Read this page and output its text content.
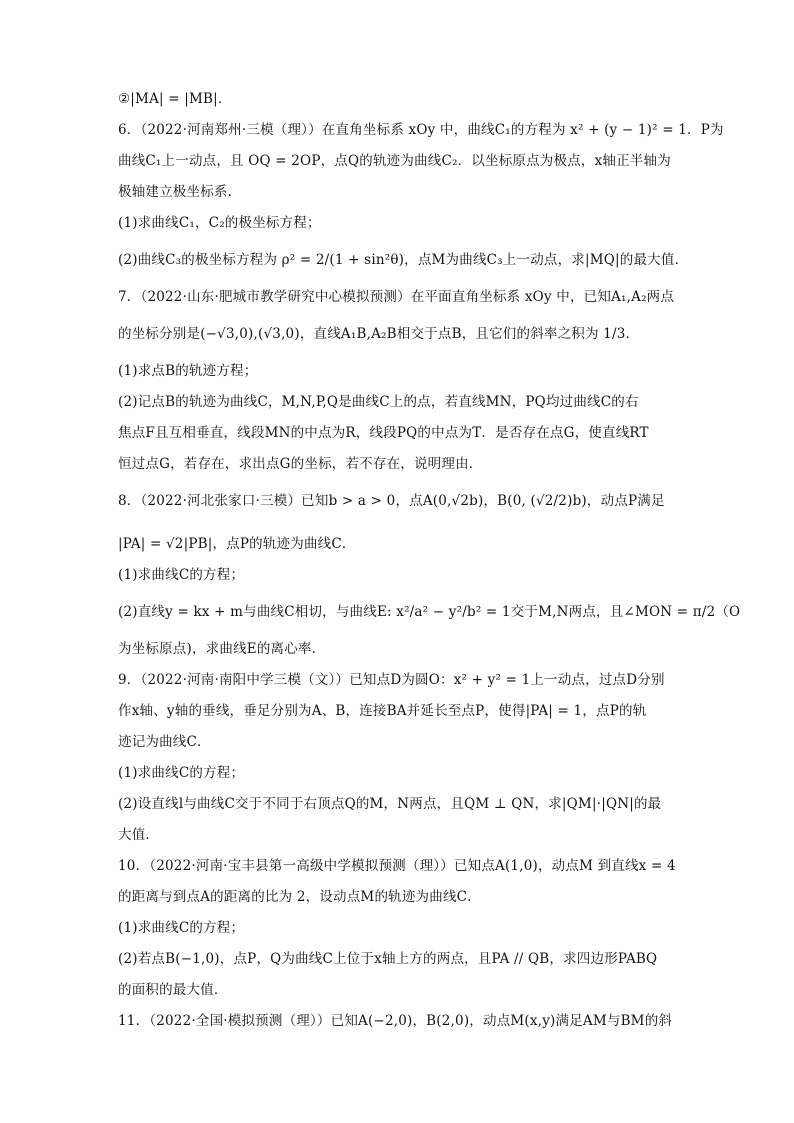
②|MA| = |MB|．
6．（2022·河南郑州·三模（理））在直角坐标系 xOy 中，曲线C₁的方程为 x² + (y − 1)² = 1．P为
曲线C₁上一动点，且 OQ = 2OP，点Q的轨迹为曲线C₂．以坐标原点为极点，x轴正半轴为
极轴建立极坐标系．
(1)求曲线C₁，C₂的极坐标方程；
(2)曲线C₃的极坐标方程为 ρ² = 2/(1 + sin²θ)，点M为曲线C₃上一动点，求|MQ|的最大值．
7．（2022·山东·肥城市教学研究中心模拟预测）在平面直角坐标系 xOy 中，已知A₁,A₂两点
的坐标分别是(−√3,0),(√3,0)，直线A₁B,A₂B相交于点B，且它们的斜率之积为 1/3．
(1)求点B的轨迹方程；
(2)记点B的轨迹为曲线C，M,N,P,Q是曲线C上的点，若直线MN，PQ均过曲线C的右
焦点F且互相垂直，线段MN的中点为R，线段PQ的中点为T．是否存在点G，使直线RT
恒过点G，若存在，求出点G的坐标，若不存在，说明理由．
8．（2022·河北张家口·三模）已知b > a > 0，点A(0,√2b)，B(0, (√2/2)b)，动点P满足
|PA| = √2|PB|，点P的轨迹为曲线C．
(1)求曲线C的方程；
(2)直线y = kx + m与曲线C相切，与曲线E: x²/a² − y²/b² = 1交于M,N两点，且∠MON = π/2（O
为坐标原点)，求曲线E的离心率．
9．（2022·河南·南阳中学三模（文））已知点D为圆O：x² + y² = 1上一动点，过点D分别
作x轴、y轴的垂线，垂足分别为A、B，连接BA并延长至点P，使得|PA| = 1，点P的轨
迹记为曲线C．
(1)求曲线C的方程；
(2)设直线l与曲线C交于不同于右顶点Q的M，N两点，且QM ⊥ QN，求|QM|·|QN|的最
大值．
10．（2022·河南·宝丰县第一高级中学模拟预测（理））已知点A(1,0)，动点M 到直线x = 4
的距离与到点A的距离的比为 2，设动点M的轨迹为曲线C．
(1)求曲线C的方程；
(2)若点B(−1,0)，点P，Q为曲线C上位于x轴上方的两点，且PA // QB，求四边形PABQ
的面积的最大值．
11．（2022·全国·模拟预测（理））已知A(−2,0)，B(2,0)，动点M(x,y)满足AM与BM的斜
